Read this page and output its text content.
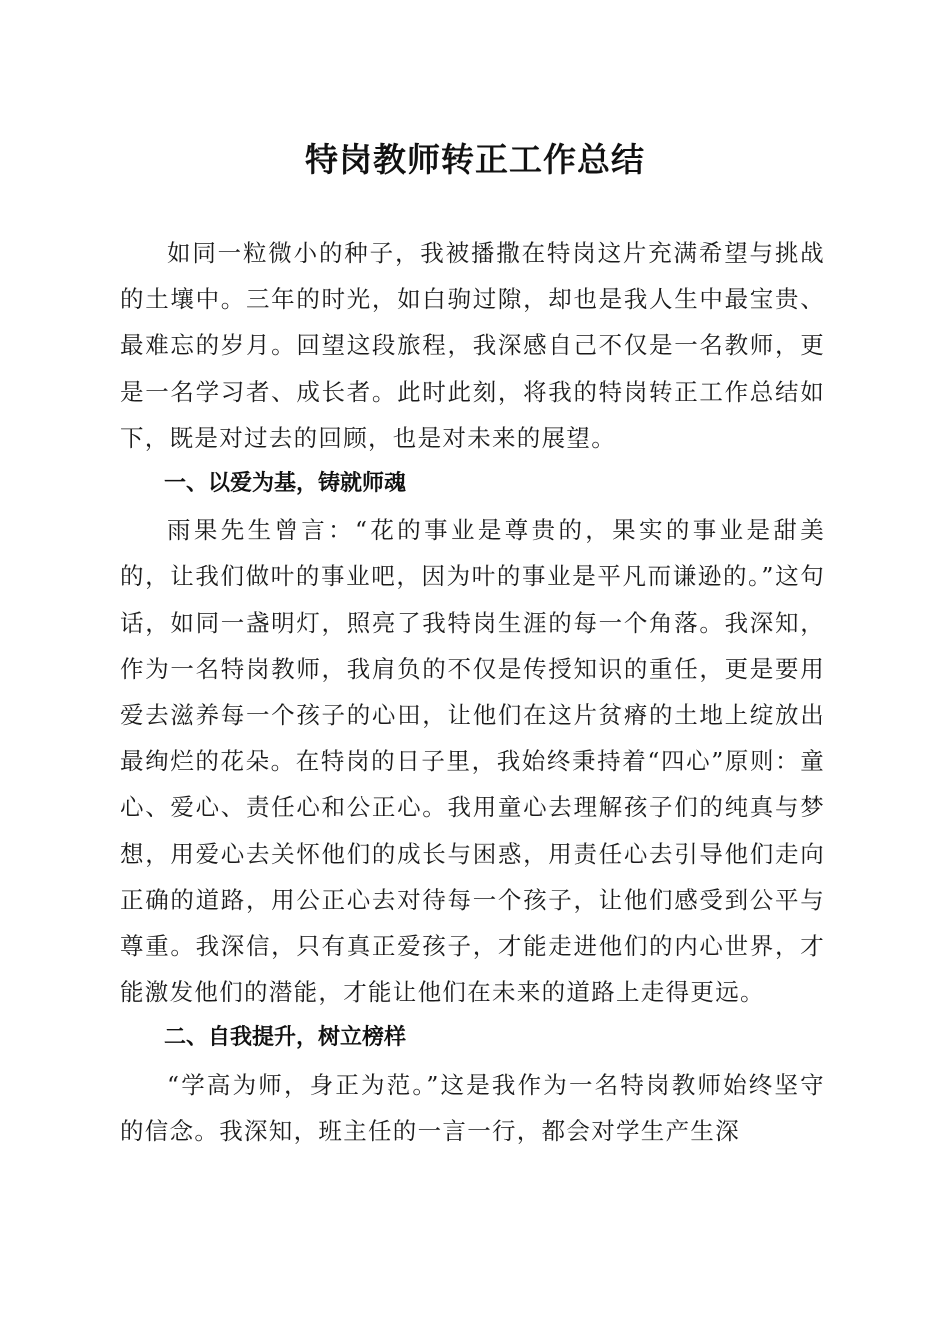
特岗教师转正工作总结

如同一粒微小的种子，我被播撒在特岗这片充满希望与挑战的土壤中。三年的时光，如白驹过隙，却也是我人生中最宝贵、最难忘的岁月。回望这段旅程，我深感自己不仅是一名教师，更是一名学习者、成长者。此时此刻，将我的特岗转正工作总结如下，既是对过去的回顾，也是对未来的展望。

一、以爱为基，铸就师魂

雨果先生曾言：“花的事业是尊贵的，果实的事业是甜美的，让我们做叶的事业吧，因为叶的事业是平凡而谦逊的。”这句话，如同一盏明灯，照亮了我特岗生涯的每一个角落。我深知，作为一名特岗教师，我肩负的不仅是传授知识的重任，更是要用爱去滋养每一个孩子的心田，让他们在这片贫瘠的土地上绽放出最绚烂的花朵。在特岗的日子里，我始终秉持着“四心”原则：童心、爱心、责任心和公正心。我用童心去理解孩子们的纯真与梦想，用爱心去关怀他们的成长与困惑，用责任心去引导他们走向正确的道路，用公正心去对待每一个孩子，让他们感受到公平与尊重。我深信，只有真正爱孩子，才能走进他们的内心世界，才能激发他们的潜能，才能让他们在未来的道路上走得更远。

二、自我提升，树立榜样

“学高为师，身正为范。”这是我作为一名特岗教师始终坚守的信念。我深知，班主任的一言一行，都会对学生产生深
